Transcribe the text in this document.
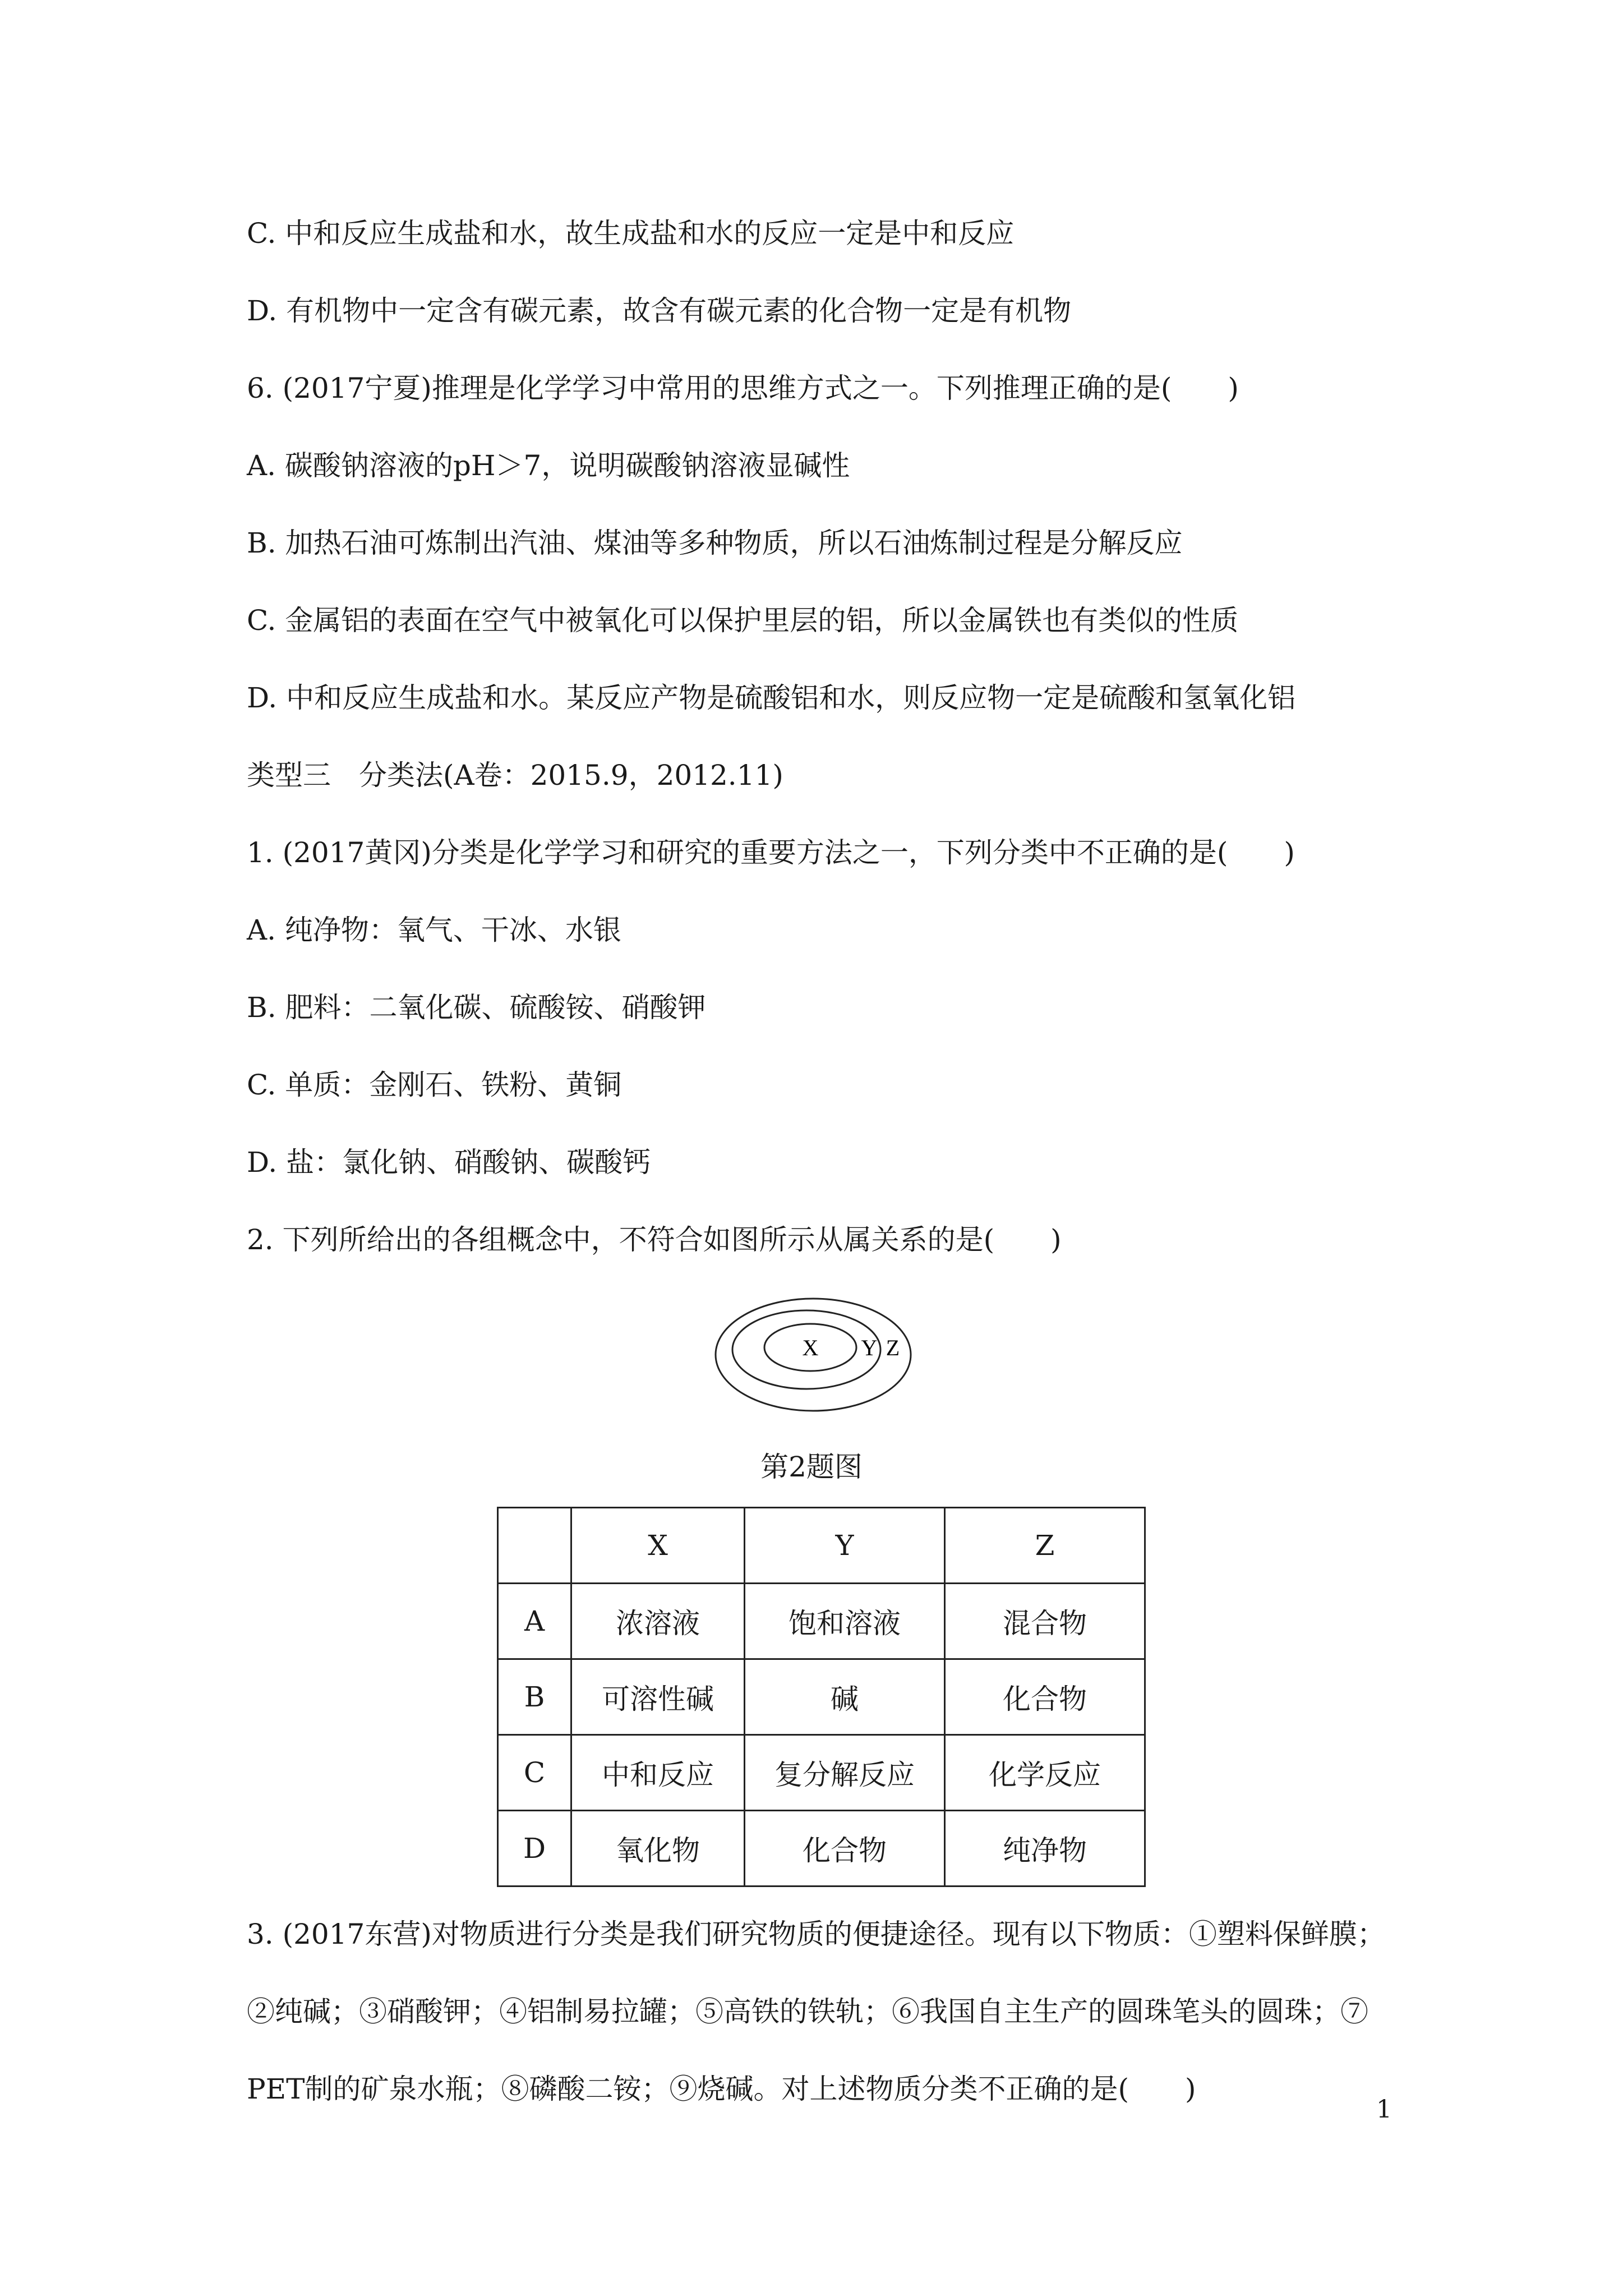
C. 中和反应生成盐和水，故生成盐和水的反应一定是中和反应
D. 有机物中一定含有碳元素，故含有碳元素的化合物一定是有机物
6. (2017宁夏)推理是化学学习中常用的思维方式之一。下列推理正确的是(　　)
A. 碳酸钠溶液的pH＞7，说明碳酸钠溶液显碱性
B. 加热石油可炼制出汽油、煤油等多种物质，所以石油炼制过程是分解反应
C. 金属铝的表面在空气中被氧化可以保护里层的铝，所以金属铁也有类似的性质
D. 中和反应生成盐和水。某反应产物是硫酸铝和水，则反应物一定是硫酸和氢氧化铝
类型三　分类法(A卷：2015.9，2012.11)
1. (2017黄冈)分类是化学学习和研究的重要方法之一，下列分类中不正确的是(　　)
A. 纯净物：氧气、干冰、水银
B. 肥料：二氧化碳、硫酸铵、硝酸钾
C. 单质：金刚石、铁粉、黄铜
D. 盐：氯化钠、硝酸钠、碳酸钙
2. 下列所给出的各组概念中，不符合如图所示从属关系的是(　　)
X Y Z
第2题图
	X	Y	Z
A	浓溶液	饱和溶液	混合物
B	可溶性碱	碱	化合物
C	中和反应	复分解反应	化学反应
D	氧化物	化合物	纯净物
3. (2017东营)对物质进行分类是我们研究物质的便捷途径。现有以下物质：①塑料保鲜膜；
②纯碱；③硝酸钾；④铝制易拉罐；⑤高铁的铁轨；⑥我国自主生产的圆珠笔头的圆珠；⑦
PET制的矿泉水瓶；⑧磷酸二铵；⑨烧碱。对上述物质分类不正确的是(　　)
1
